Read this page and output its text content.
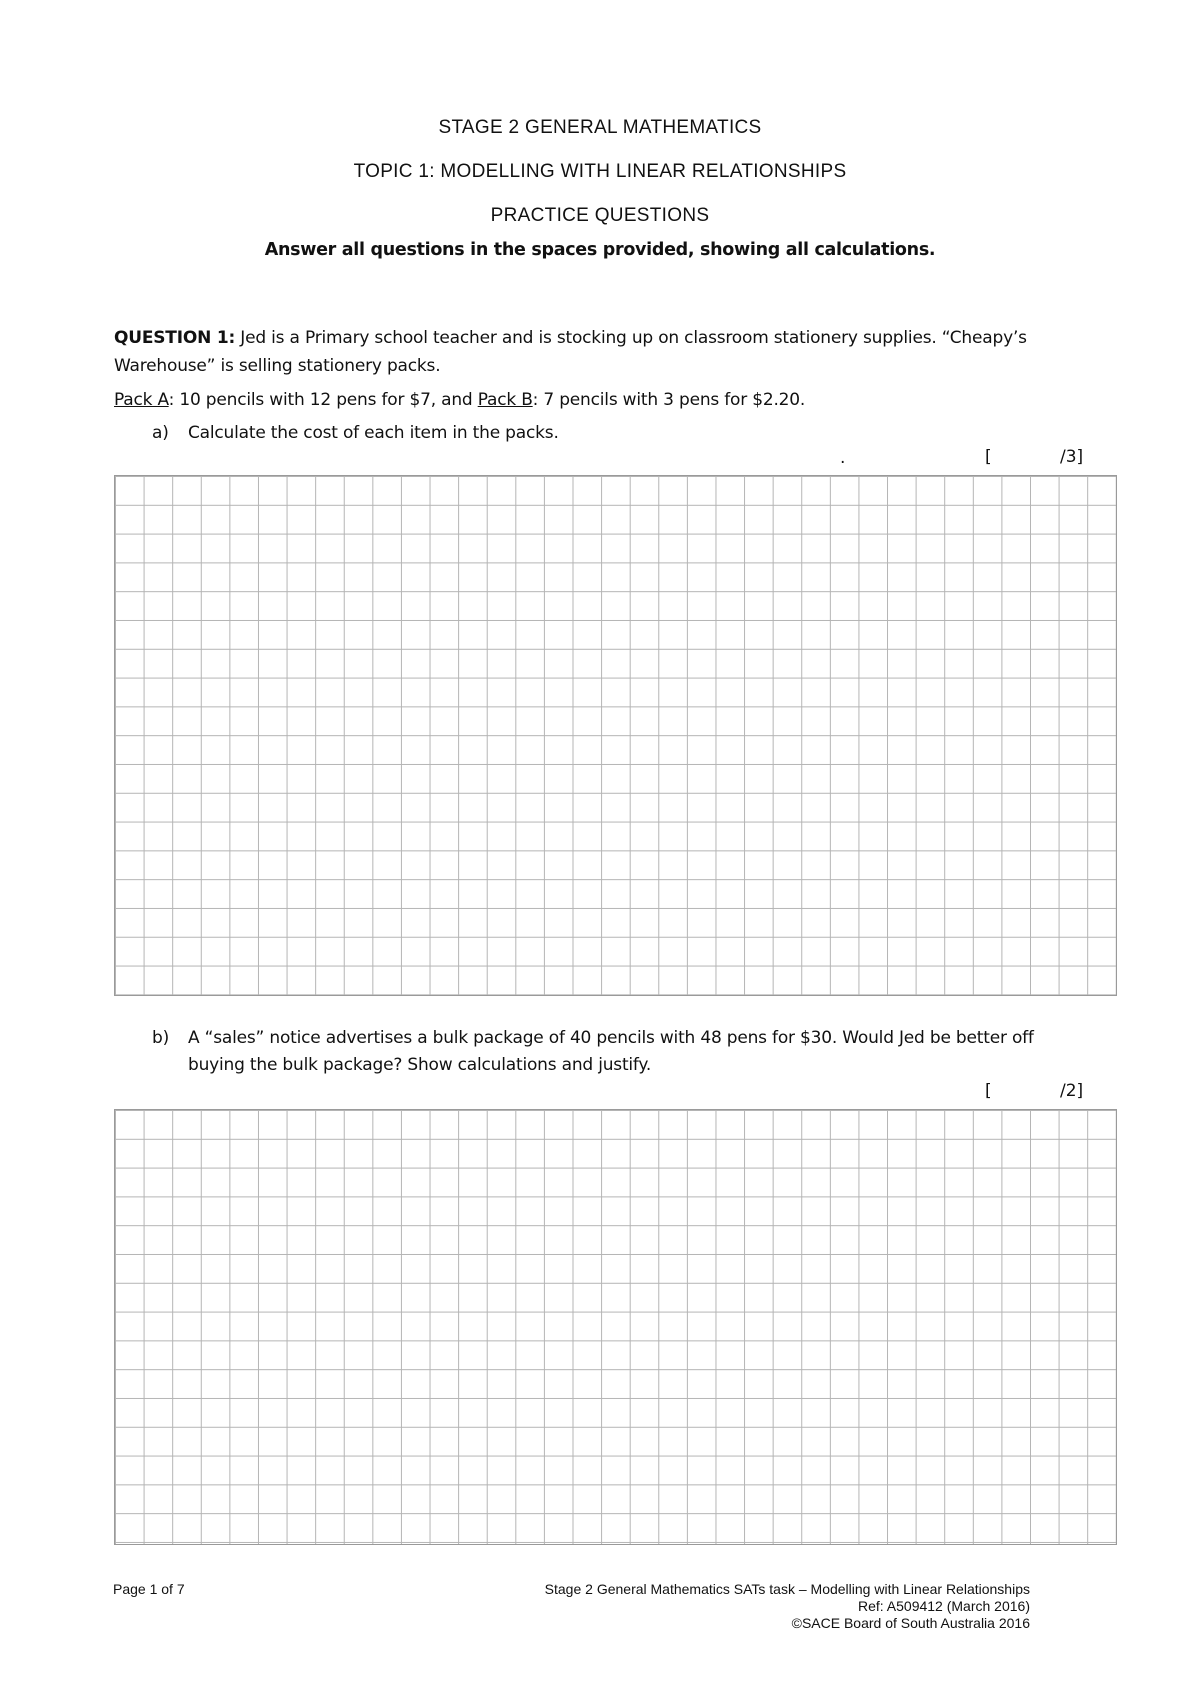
STAGE 2 GENERAL MATHEMATICS
TOPIC 1: MODELLING WITH LINEAR RELATIONSHIPS
PRACTICE QUESTIONS
Answer all questions in the spaces provided, showing all calculations.
QUESTION 1: Jed is a Primary school teacher and is stocking up on classroom stationery supplies. “Cheapy’s Warehouse” is selling stationery packs.
Pack A: 10 pencils with 12 pens for $7, and Pack B: 7 pencils with 3 pens for $2.20.
a) Calculate the cost of each item in the packs.
.	[	/3]
b) A “sales” notice advertises a bulk package of 40 pencils with 48 pens for $30. Would Jed be better off buying the bulk package? Show calculations and justify.
[	/2]
Page 1 of 7	Stage 2 General Mathematics SATs task – Modelling with Linear Relationships
Ref: A509412 (March 2016)
©SACE Board of South Australia 2016
